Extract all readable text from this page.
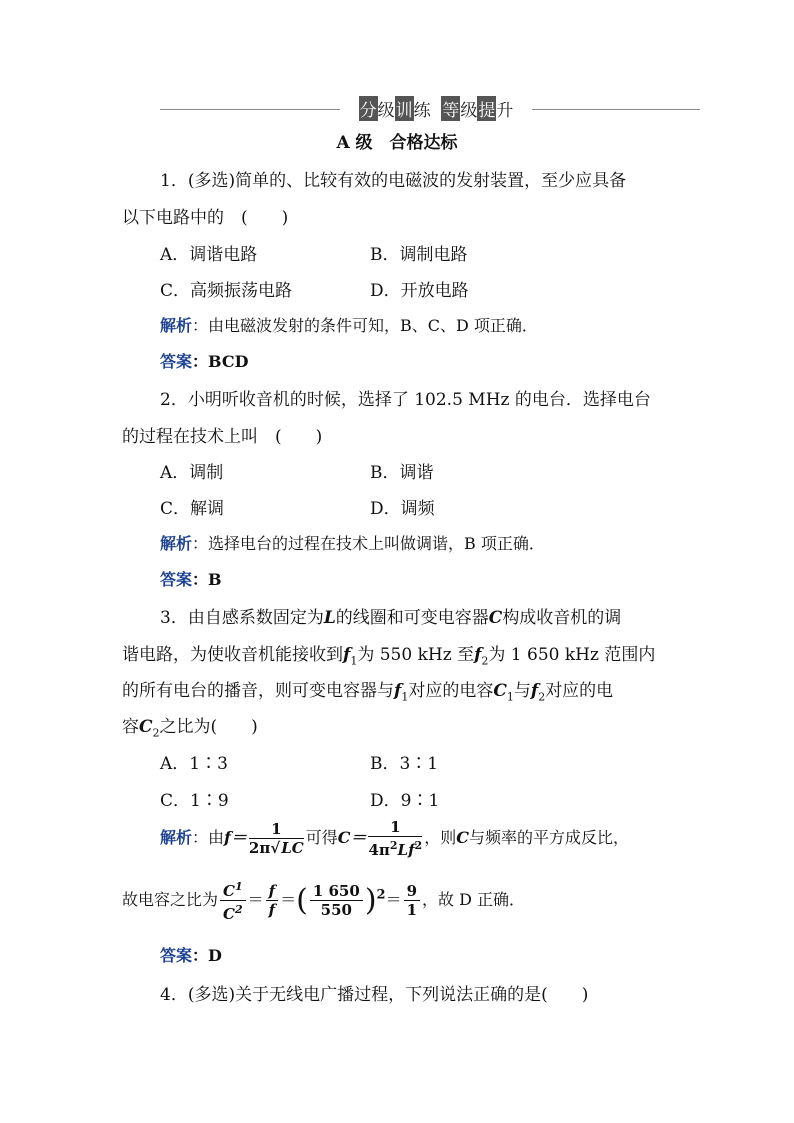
分级训练 等级提升
A 级　合格达标
1．(多选)简单的、比较有效的电磁波的发射装置，至少应具备
以下电路中的　(　　)
A．调谐电路	B．调制电路
C．高频振荡电路	D．开放电路
解析：由电磁波发射的条件可知，B、C、D 项正确．
答案：BCD
2．小明听收音机的时候，选择了 102.5 MHz 的电台．选择电台
的过程在技术上叫　(　　)
A．调制	B．调谐
C．解调	D．调频
解析：选择电台的过程在技术上叫做调谐，B 项正确．
答案：B
3．由自感系数固定为L的线圈和可变电容器C构成收音机的调
谐电路，为使收音机能接收到$f_1$为 550 kHz 至$f_2$为 1 650 kHz 范围内
的所有电台的播音，则可变电容器与$f_1$对应的电容$C_1$与$f_2$对应的电
容$C_2$之比为(　　)
A．1∶3	B．3∶1
C．1∶9	D．9∶1
解析：由$f= \frac{1}{2\pi√LC}$ 可得$C= \frac{1}{4\pi^2Lf^2}$ ，则C与频率的平方成反比，
故电容之比为 $\frac{C^1}{C^2} = \frac{f}{f}$ ＝( $\frac{1 650}{550} )^2= \frac{9}{1}$ ，故 D 正确．
答案：D
4．(多选)关于无线电广播过程，下列说法正确的是(　　)
